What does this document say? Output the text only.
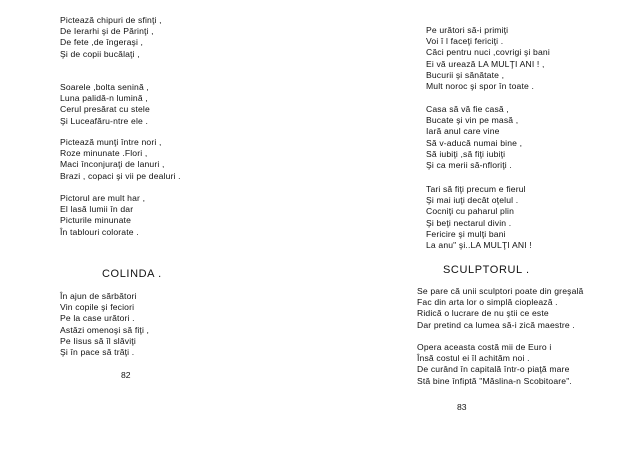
Pictează chipuri de sfinţi ,
De Ierarhi şi de Părinţi ,
De fete ,de îngeraşi ,
Şi de copii bucălaţi ,
Soarele ,bolta senină ,
Luna palidă-n lumină ,
Cerul presărat cu stele
Şi Luceafăru-ntre ele .
Pictează munţi între nori ,
Roze minunate .Flori ,
Maci înconjuraţi de lanuri ,
Brazi , copaci şi vii pe dealuri .
Pictorul are mult har ,
El lasă lumii în dar
Picturile minunate
În tablouri colorate .
COLINDA .
În ajun de sărbători
Vin copile şi feciori
Pe la case urători .
Astăzi omenoşi să fiţi ,
Pe Iisus să îl slăviţi
Şi în pace să trăţi .
82
Pe urători să-i primiţi
Voi î l faceţi fericiţi .
Căci pentru nuci ,covrigi şi bani
Ei vă urează LA MULŢI ANI ! ,
Bucurii şi sănătate ,
Mult noroc şi spor în toate .
Casa să vă fie casă ,
Bucate şi vin pe masă ,
Iară anul care vine
Să v-aducă numai bine ,
Să iubiţi ,să fiţi iubiţi
Şi ca merii să-nfloriţi .
Tari să fiţi precum e fierul
Şi mai iuţi decât oţelul .
Cocniţi cu paharul plin
Şi beţi nectarul divin .
Fericire şi mulţi bani
La anu" şi..LA MULŢI ANI !
SCULPTORUL .
Se pare că unii sculptori poate din greşală
Fac din arta lor o simplă cioplează .
Ridică o lucrare de nu ştii ce este
Dar pretind ca lumea să-i zică maestre .
Opera aceasta costă mii de Euro i
Însă costul ei îl achităm noi .
De curând în capitală într-o piaţă mare
Stă bine înfiptă "Măslina-n Scobitoare".
83
